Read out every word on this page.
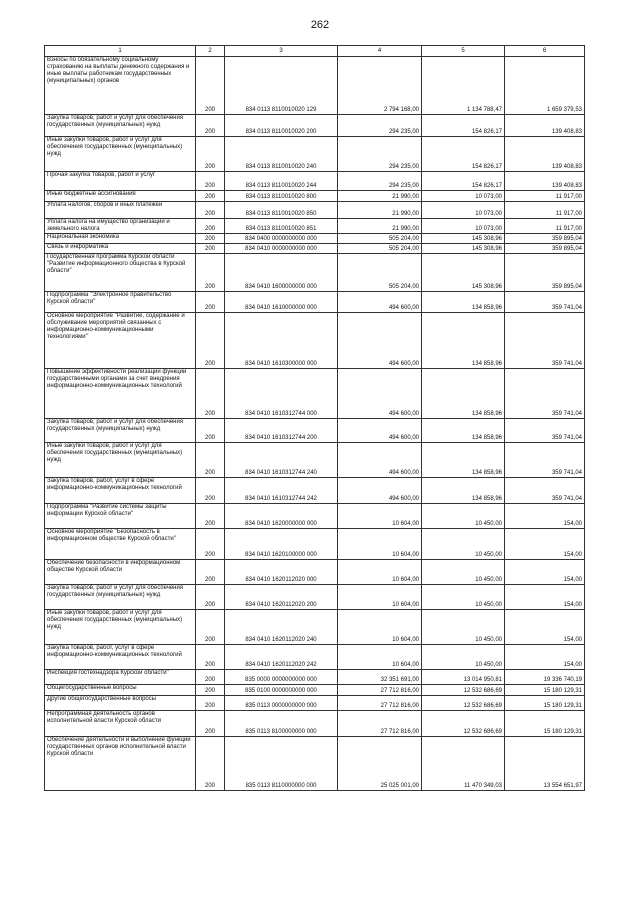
262
1	2	3	4	5	6
Взносы по обязательному социальному страхованию на выплаты денежного содержания и иные выплаты работникам государственных (муниципальных) органов	200	834 0113 8110010020 129	2 794 168,00	1 134 788,47	1 659 379,53
Закупка товаров, работ и услуг для обеспечения государственных (муниципальных) нужд	200	834 0113 8110010020 200	294 235,00	154 826,17	139 408,83
Иные закупки товаров, работ и услуг для обеспечения государственных (муниципальных) нужд	200	834 0113 8110010020 240	294 235,00	154 826,17	139 408,83
Прочая закупка товаров, работ и услуг	200	834 0113 8110010020 244	294 235,00	154 826,17	139 408,83
Иные бюджетные ассигнования	200	834 0113 8110010020 800	21 990,00	10 073,00	11 917,00
Уплата налогов, сборов и иных платежей	200	834 0113 8110010020 850	21 990,00	10 073,00	11 917,00
Уплата налога на имущество организаций и земельного налога	200	834 0113 8110010020 851	21 990,00	10 073,00	11 917,00
Национальная экономика	200	834 0400 0000000000 000	505 204,00	145 308,96	359 895,04
Связь и информатика	200	834 0410 0000000000 000	505 204,00	145 308,96	359 895,04
Государственная программа Курской области "Развитие информационного общества в Курской области"	200	834 0410 1600000000 000	505 204,00	145 308,96	359 895,04
Подпрограмма "Электронное правительство Курской области"	200	834 0410 1610000000 000	494 600,00	134 858,96	359 741,04
Основное мероприятие "Развитие, содержание и обслуживание мероприятий связанных с информационно-коммуникационными технологиями"	200	834 0410 1610300000 000	494 600,00	134 858,96	359 741,04
Повышение эффективности реализации функций государственными органами за счет внедрения информационно-коммуникационных технологий	200	834 0410 1610312744 000	494 600,00	134 858,96	359 741,04
Закупка товаров, работ и услуг для обеспечения государственных (муниципальных) нужд	200	834 0410 1610312744 200	494 600,00	134 858,96	359 741,04
Иные закупки товаров, работ и услуг для обеспечения государственных (муниципальных) нужд	200	834 0410 1610312744 240	494 600,00	134 858,96	359 741,04
Закупка товаров, работ, услуг в сфере информационно-коммуникационных технологий	200	834 0410 1610312744 242	494 600,00	134 858,96	359 741,04
Подпрограмма "Развитие системы защиты информации Курской области"	200	834 0410 1620000000 000	10 604,00	10 450,00	154,00
Основное мероприятие "Безопасность в информационном обществе Курской области"	200	834 0410 1620100000 000	10 604,00	10 450,00	154,00
Обеспечение безопасности в информационном обществе Курской области	200	834 0410 1620112020 000	10 604,00	10 450,00	154,00
Закупка товаров, работ и услуг для обеспечения государственных (муниципальных) нужд	200	834 0410 1620112020 200	10 604,00	10 450,00	154,00
Иные закупки товаров, работ и услуг для обеспечения государственных (муниципальных) нужд	200	834 0410 1620112020 240	10 604,00	10 450,00	154,00
Закупка товаров, работ, услуг в сфере информационно-коммуникационных технологий	200	834 0410 1620112020 242	10 604,00	10 450,00	154,00
Инспекция гостехнадзора Курской области"	200	835 0000 0000000000 000	32 351 691,00	13 014 950,81	19 336 740,19
Общегосударственные вопросы	200	835 0100 0000000000 000	27 712 816,00	12 532 686,69	15 180 129,31
Другие общегосударственные вопросы	200	835 0113 0000000000 000	27 712 816,00	12 532 686,69	15 180 129,31
Непрограммная деятельность органов исполнительной власти Курской области	200	835 0113 8100000000 000	27 712 816,00	12 532 686,69	15 180 129,31
Обеспечение деятельности и выполнение функций государственных органов исполнительной власти Курской области	200	835 0113 8110000000 000	25 025 001,00	11 470 349,03	13 554 651,97
